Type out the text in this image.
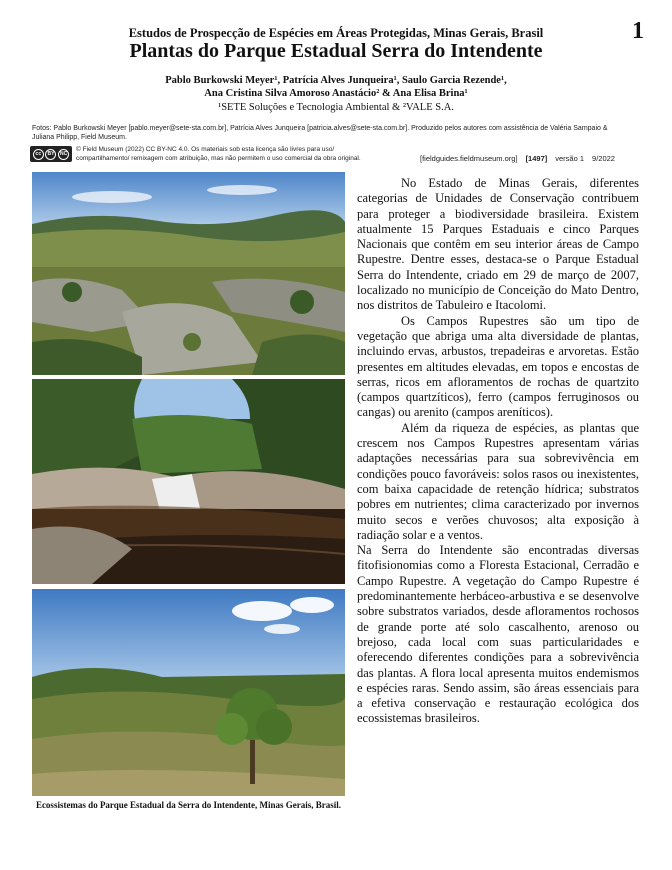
Estudos de Prospecção de Espécies em Áreas Protegidas, Minas Gerais, Brasil	1
Plantas do Parque Estadual Serra do Intendente
Pablo Burkowski Meyer¹, Patrícia Alves Junqueira¹, Saulo Garcia Rezende¹,
Ana Cristina Silva Amoroso Anastácio² & Ana Elisa Brina¹
¹SETE Soluções e Tecnologia Ambiental & ²VALE S.A.
Fotos: Pablo Burkowski Meyer [pablo.meyer@sete-sta.com.br], Patrícia Alves Junqueira [patricia.alves@sete-sta.com.br]. Produzido pelos autores com assistência de Valéria Sampaio & Juliana Philipp, Field Museum.
cc	BY	NC
© Field Museum (2022) CC BY-NC 4.0. Os materiais sob esta licença são livres para uso/
compartilhamento/ remixagem com atribuição, mas não permitem o uso comercial da obra original.	[fieldguides.fieldmuseum.org] [1497] versão 1 9/2022
Ecossistemas do Parque Estadual da Serra do Intendente, Minas Gerais, Brasil.

No Estado de Minas Gerais, diferentes categorias de Unidades de Conservação contribuem para proteger a biodiversidade brasileira. Existem atualmente 15 Parques Estaduais e cinco Parques Nacionais que contêm em seu interior áreas de Campo Rupestre. Dentre esses, destaca-se o Parque Estadual Serra do Intendente, criado em 29 de março de 2007, localizado no município de Conceição do Mato Dentro, nos distritos de Tabuleiro e Itacolomi.

Os Campos Rupestres são um tipo de vegetação que abriga uma alta diversidade de plantas, incluindo ervas, arbustos, trepadeiras e arvoretas. Estão presentes em altitudes elevadas, em topos e encostas de serras, ricos em afloramentos de rochas de quartzito (campos quartzíticos), ferro (campos ferruginosos ou cangas) ou arenito (campos areníticos).

Além da riqueza de espécies, as plantas que crescem nos Campos Rupestres apresentam várias adaptações necessárias para sua sobrevivência em condições pouco favoráveis: solos rasos ou inexistentes, com baixa capacidade de retenção hídrica; substratos pobres em nutrientes; clima caracterizado por invernos muito secos e verões chuvosos; alta exposição à radiação solar e a ventos.

Na Serra do Intendente são encontradas diversas fitofisionomias como a Floresta Estacional, Cerradão e Campo Rupestre. A vegetação do Campo Rupestre é predominantemente herbáceo-arbustiva e se desenvolve sobre substratos variados, desde afloramentos rochosos de grande porte até solo cascalhento, arenoso ou brejoso, cada local com suas particularidades e oferecendo diferentes condições para a sobrevivência das plantas. A flora local apresenta muitos endemismos e espécies raras. Sendo assim, são áreas essenciais para a efetiva conservação e restauração ecológica dos ecossistemas brasileiros.
